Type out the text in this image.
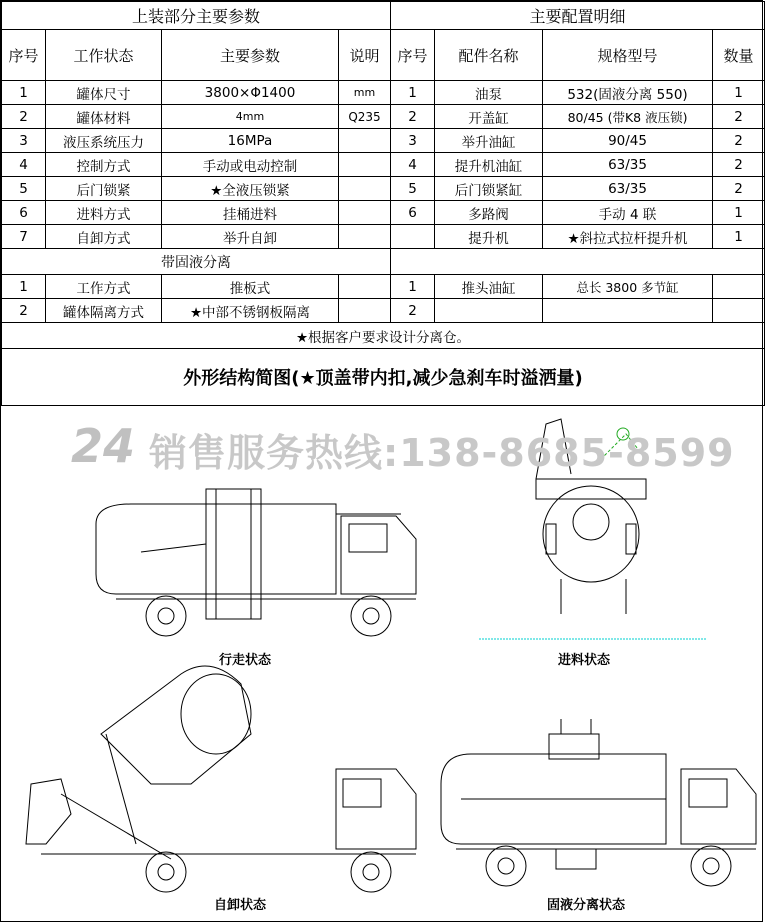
上装部分主要参数				主要配置明细			
序号	工作状态	主要参数	说明	序号	配件名称	规格型号	数量
1	罐体尺寸	3800×Φ1400	mm	1	油泵	532(固液分离 550)	1
2	罐体材料	4mm	Q235	2	开盖缸	80/45 (带K8 液压锁)	2
3	液压系统压力	16MPa		3	举升油缸	90/45	2
4	控制方式	手动或电动控制		4	提升机油缸	63/35	2
5	后门锁紧	★全液压锁紧		5	后门锁紧缸	63/35	2
6	进料方式	挂桶进料		6	多路阀	手动 4 联	1
7	自卸方式	举升自卸			提升机	★斜拉式拉杆提升机	1
带固液分离							
1	工作方式	推板式		1	推头油缸	总长 3800 多节缸	
2	罐体隔离方式	★中部不锈钢板隔离		2			
★根据客户要求设计分离仓。							
外形结构简图(★顶盖带内扣,减少急刹车时溢洒量)							
24 销售服务热线:138-8685-8599
行走状态	进料状态
自卸状态	固液分离状态
